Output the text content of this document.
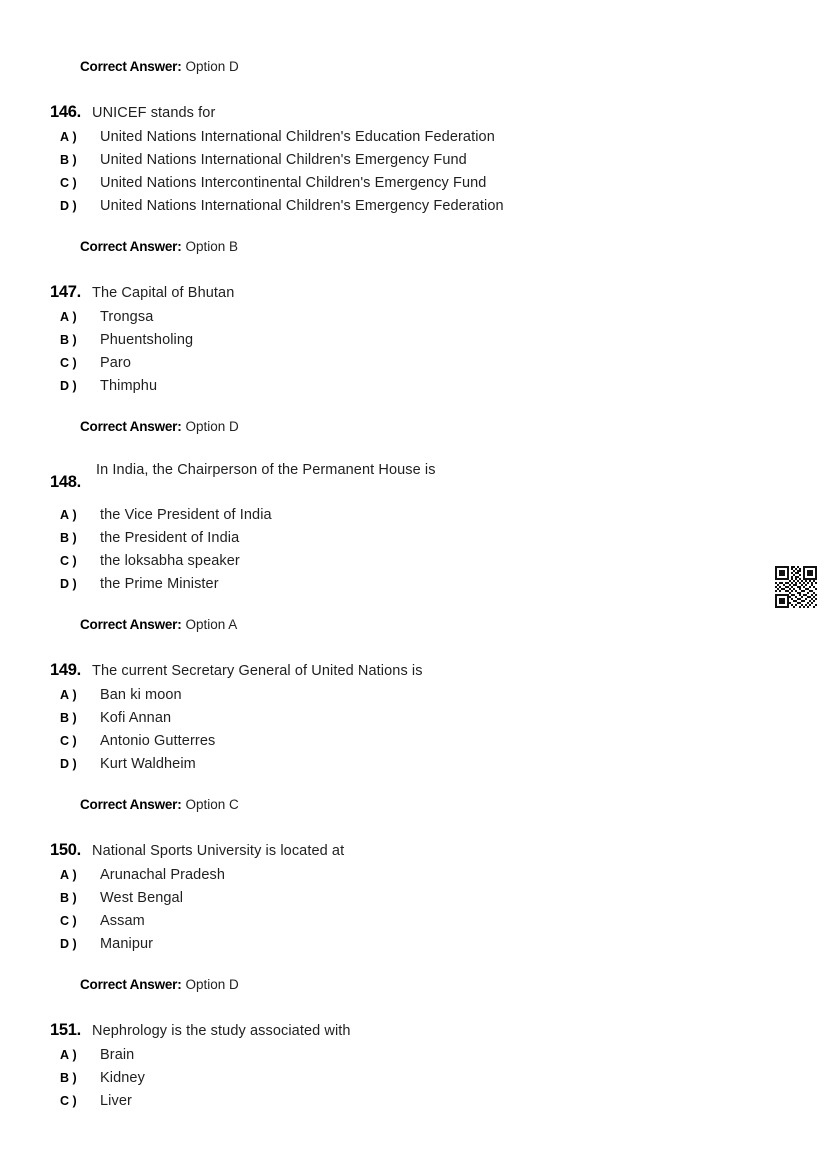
Correct Answer: Option D
146. UNICEF stands for
A )	United Nations International Children's Education Federation
B )	United Nations International Children's Emergency Fund
C )	United Nations Intercontinental Children's Emergency Fund
D )	United Nations International Children's Emergency Federation
Correct Answer: Option B
147. The Capital of Bhutan
A )	Trongsa
B )	Phuentsholing
C )	Paro
D )	Thimphu
Correct Answer: Option D
148.
In India, the Chairperson of the Permanent House is
A )	the Vice President of India
B )	the President of India
C )	the loksabha speaker
D )	the Prime Minister
Correct Answer: Option A
149. The current Secretary General of United Nations is
A )	Ban ki moon
B )	Kofi Annan
C )	Antonio Gutterres
D )	Kurt Waldheim
Correct Answer: Option C
150. National Sports University is located at
A )	Arunachal Pradesh
B )	West Bengal
C )	Assam
D )	Manipur
Correct Answer: Option D
151. Nephrology is the study associated with
A )	Brain
B )	Kidney
C )	Liver
